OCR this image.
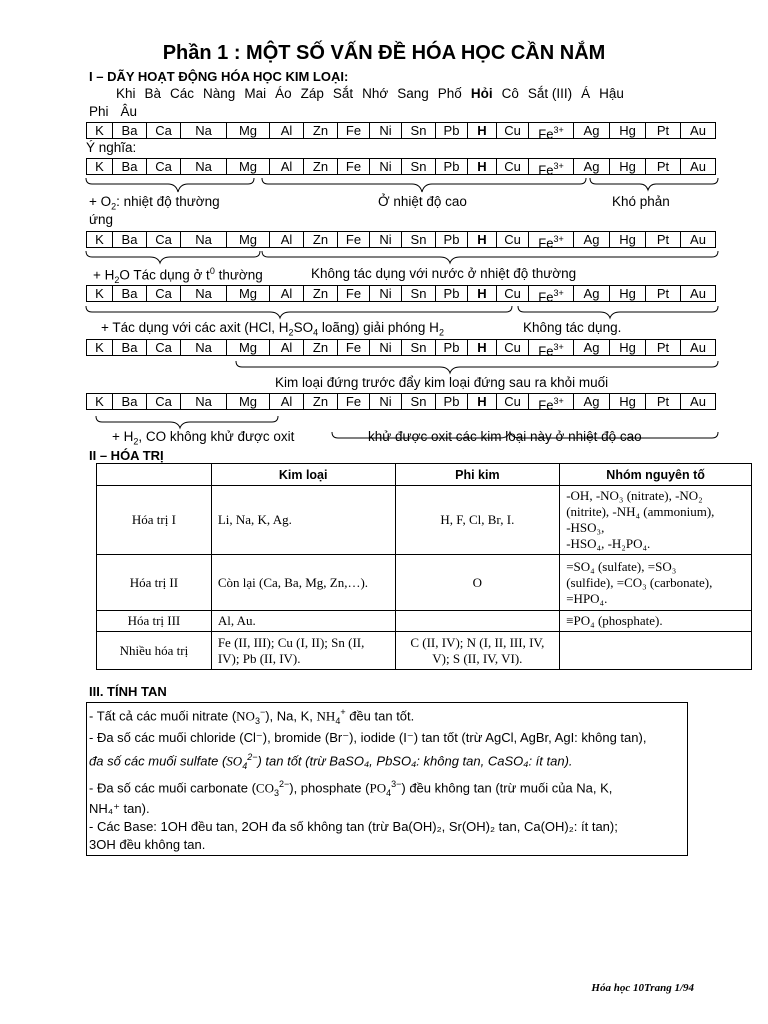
Phần 1 : MỘT SỐ VẤN ĐỀ HÓA HỌC CẦN NẮM
I – DÃY HOẠT ĐỘNG HÓA HỌC KIM LOẠI:
Khi Bà Các Nàng Mai Áo Záp Sắt Nhớ Sang Phố Hỏi Cô Sắt (III) Á Hậu
Phi Âu
K	Ba	Ca	Na	Mg	Al	Zn	Fe	Ni	Sn	Pb	H	Cu	$Fe^{3+}$	Ag	Hg	Pt	Au
Ý nghĩa:
K	Ba	Ca	Na	Mg	Al	Zn	Fe	Ni	Sn	Pb	H	Cu	$Fe^{3+}$	Ag	Hg	Pt	Au
+ $O_2$: nhiệt độ thường	Ở nhiệt độ cao	Khó phản
ứng
K	Ba	Ca	Na	Mg	Al	Zn	Fe	Ni	Sn	Pb	H	Cu	$Fe^{3+}$	Ag	Hg	Pt	Au
+ $H_2O$ Tác dụng ở $t^0$ thường	Không tác dụng với nước ở nhiệt độ thường
K	Ba	Ca	Na	Mg	Al	Zn	Fe	Ni	Sn	Pb	H	Cu	$Fe^{3+}$	Ag	Hg	Pt	Au
+ Tác dụng với các axit (HCl, $H_2SO_4$ loãng) giải phóng $H_2$	Không tác dụng.
K	Ba	Ca	Na	Mg	Al	Zn	Fe	Ni	Sn	Pb	H	Cu	$Fe^{3+}$	Ag	Hg	Pt	Au
Kim loại đứng trước đẩy kim loại đứng sau ra khỏi muối
K	Ba	Ca	Na	Mg	Al	Zn	Fe	Ni	Sn	Pb	H	Cu	$Fe^{3+}$	Ag	Hg	Pt	Au
+ $H_2$, CO không khử được oxit	khử được oxit các kim loại này ở nhiệt độ cao
II – HÓA TRỊ
	Kim loại	Phi kim	Nhóm nguyên tố
Hóa trị I	Li, Na, K, Ag.	H, F, Cl, Br, I.	-OH, -NO₃ (nitrate), -NO₂
(nitrite), -NH₄ (ammonium),
-HSO₃,
-HSO₄, -H₂PO₄.
Hóa trị II	Còn lại (Ca, Ba, Mg, Zn,…).	O	=SO₄ (sulfate), =SO₃
(sulfide), =CO₃ (carbonate),
=HPO₄.
Hóa trị III	Al, Au.		≡PO₄ (phosphate).
Nhiều hóa trị	Fe (II, III); Cu (I, II); Sn (II, IV); Pb (II, IV).	C (II, IV); N (I, II, III, IV, V); S (II, IV, VI).	
III. TÍNH TAN
- Tất cả các muối nitrate $(NO_3^-)$, Na, K, $NH_4^+$ đều tan tốt.
- Đa số các muối chloride (Cl⁻), bromide (Br⁻), iodide (I⁻) tan tốt (trừ AgCl, AgBr, AgI: không tan),
đa số các muối sulfate $(SO_4^{2-})$ tan tốt (trừ BaSO₄, PbSO₄: không tan, CaSO₄: ít tan).
- Đa số các muối carbonate $(CO_3^{2-})$, phosphate $(PO_4^{3-})$ đều không tan (trừ muối của Na, K,
NH₄⁺ tan).
- Các Base: 1OH đều tan, 2OH đa số không tan (trừ Ba(OH)₂, Sr(OH)₂ tan, Ca(OH)₂: ít tan);
3OH đều không tan.
Hóa học 10Trang 1/94
